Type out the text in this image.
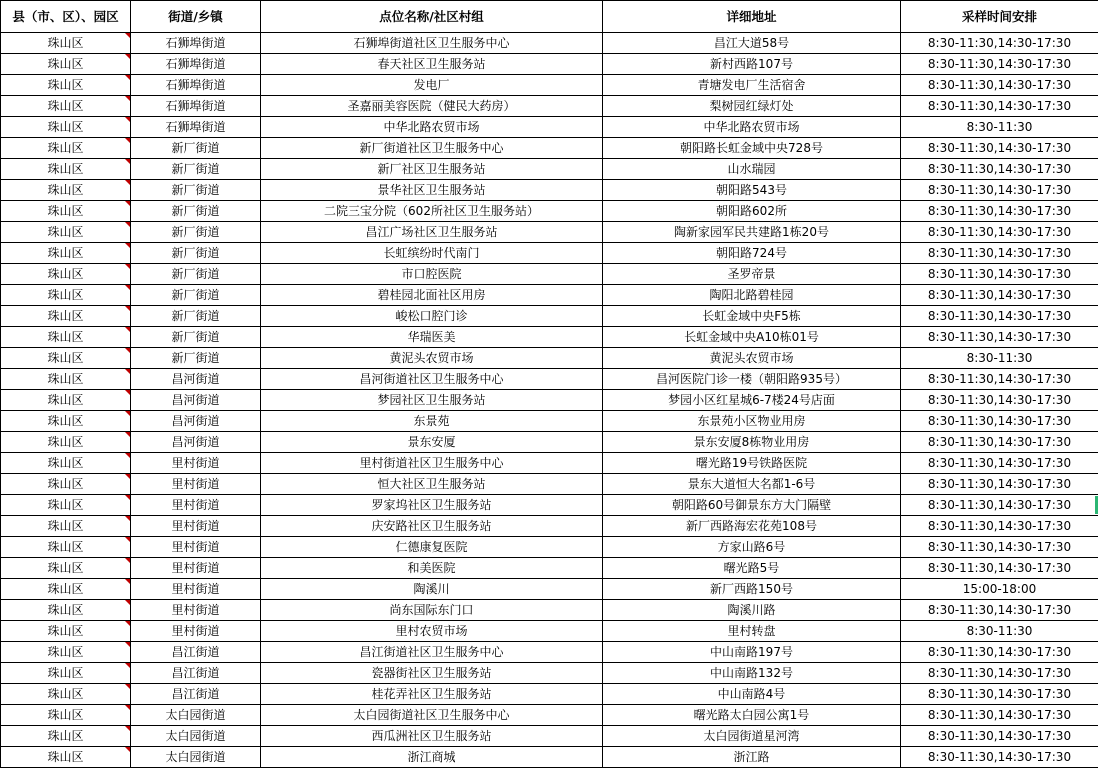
县（市、区）、园区	街道/乡镇	点位名称/社区村组	详细地址	采样时间安排
珠山区	石狮埠街道	石狮埠街道社区卫生服务中心	昌江大道58号	8:30-11:30,14:30-17:30
珠山区	石狮埠街道	春天社区卫生服务站	新村西路107号	8:30-11:30,14:30-17:30
珠山区	石狮埠街道	发电厂	青塘发电厂生活宿舍	8:30-11:30,14:30-17:30
珠山区	石狮埠街道	圣嘉丽美容医院（健民大药房）	梨树园红绿灯处	8:30-11:30,14:30-17:30
珠山区	石狮埠街道	中华北路农贸市场	中华北路农贸市场	8:30-11:30
珠山区	新厂街道	新厂街道社区卫生服务中心	朝阳路长虹金域中央728号	8:30-11:30,14:30-17:30
珠山区	新厂街道	新厂社区卫生服务站	山水瑞园	8:30-11:30,14:30-17:30
珠山区	新厂街道	景华社区卫生服务站	朝阳路543号	8:30-11:30,14:30-17:30
珠山区	新厂街道	二院三宝分院（602所社区卫生服务站）	朝阳路602所	8:30-11:30,14:30-17:30
珠山区	新厂街道	昌江广场社区卫生服务站	陶新家园军民共建路1栋20号	8:30-11:30,14:30-17:30
珠山区	新厂街道	长虹缤纷时代南门	朝阳路724号	8:30-11:30,14:30-17:30
珠山区	新厂街道	市口腔医院	圣罗帝景	8:30-11:30,14:30-17:30
珠山区	新厂街道	碧桂园北面社区用房	陶阳北路碧桂园	8:30-11:30,14:30-17:30
珠山区	新厂街道	峻松口腔门诊	长虹金域中央F5栋	8:30-11:30,14:30-17:30
珠山区	新厂街道	华瑞医美	长虹金域中央A10栋01号	8:30-11:30,14:30-17:30
珠山区	新厂街道	黄泥头农贸市场	黄泥头农贸市场	8:30-11:30
珠山区	昌河街道	昌河街道社区卫生服务中心	昌河医院门诊一楼（朝阳路935号）	8:30-11:30,14:30-17:30
珠山区	昌河街道	梦园社区卫生服务站	梦园小区红星城6-7楼24号店面	8:30-11:30,14:30-17:30
珠山区	昌河街道	东景苑	东景苑小区物业用房	8:30-11:30,14:30-17:30
珠山区	昌河街道	景东安厦	景东安厦8栋物业用房	8:30-11:30,14:30-17:30
珠山区	里村街道	里村街道社区卫生服务中心	曙光路19号铁路医院	8:30-11:30,14:30-17:30
珠山区	里村街道	恒大社区卫生服务站	景东大道恒大名都1-6号	8:30-11:30,14:30-17:30
珠山区	里村街道	罗家坞社区卫生服务站	朝阳路60号御景东方大门隔壁	8:30-11:30,14:30-17:30
珠山区	里村街道	庆安路社区卫生服务站	新厂西路海宏花苑108号	8:30-11:30,14:30-17:30
珠山区	里村街道	仁德康复医院	方家山路6号	8:30-11:30,14:30-17:30
珠山区	里村街道	和美医院	曙光路5号	8:30-11:30,14:30-17:30
珠山区	里村街道	陶溪川	新厂西路150号	15:00-18:00
珠山区	里村街道	尚东国际东门口	陶溪川路	8:30-11:30,14:30-17:30
珠山区	里村街道	里村农贸市场	里村转盘	8:30-11:30
珠山区	昌江街道	昌江街道社区卫生服务中心	中山南路197号	8:30-11:30,14:30-17:30
珠山区	昌江街道	瓷器街社区卫生服务站	中山南路132号	8:30-11:30,14:30-17:30
珠山区	昌江街道	桂花弄社区卫生服务站	中山南路4号	8:30-11:30,14:30-17:30
珠山区	太白园街道	太白园街道社区卫生服务中心	曙光路太白园公寓1号	8:30-11:30,14:30-17:30
珠山区	太白园街道	西瓜洲社区卫生服务站	太白园街道星河湾	8:30-11:30,14:30-17:30
珠山区	太白园街道	浙江商城	浙江路	8:30-11:30,14:30-17:30
